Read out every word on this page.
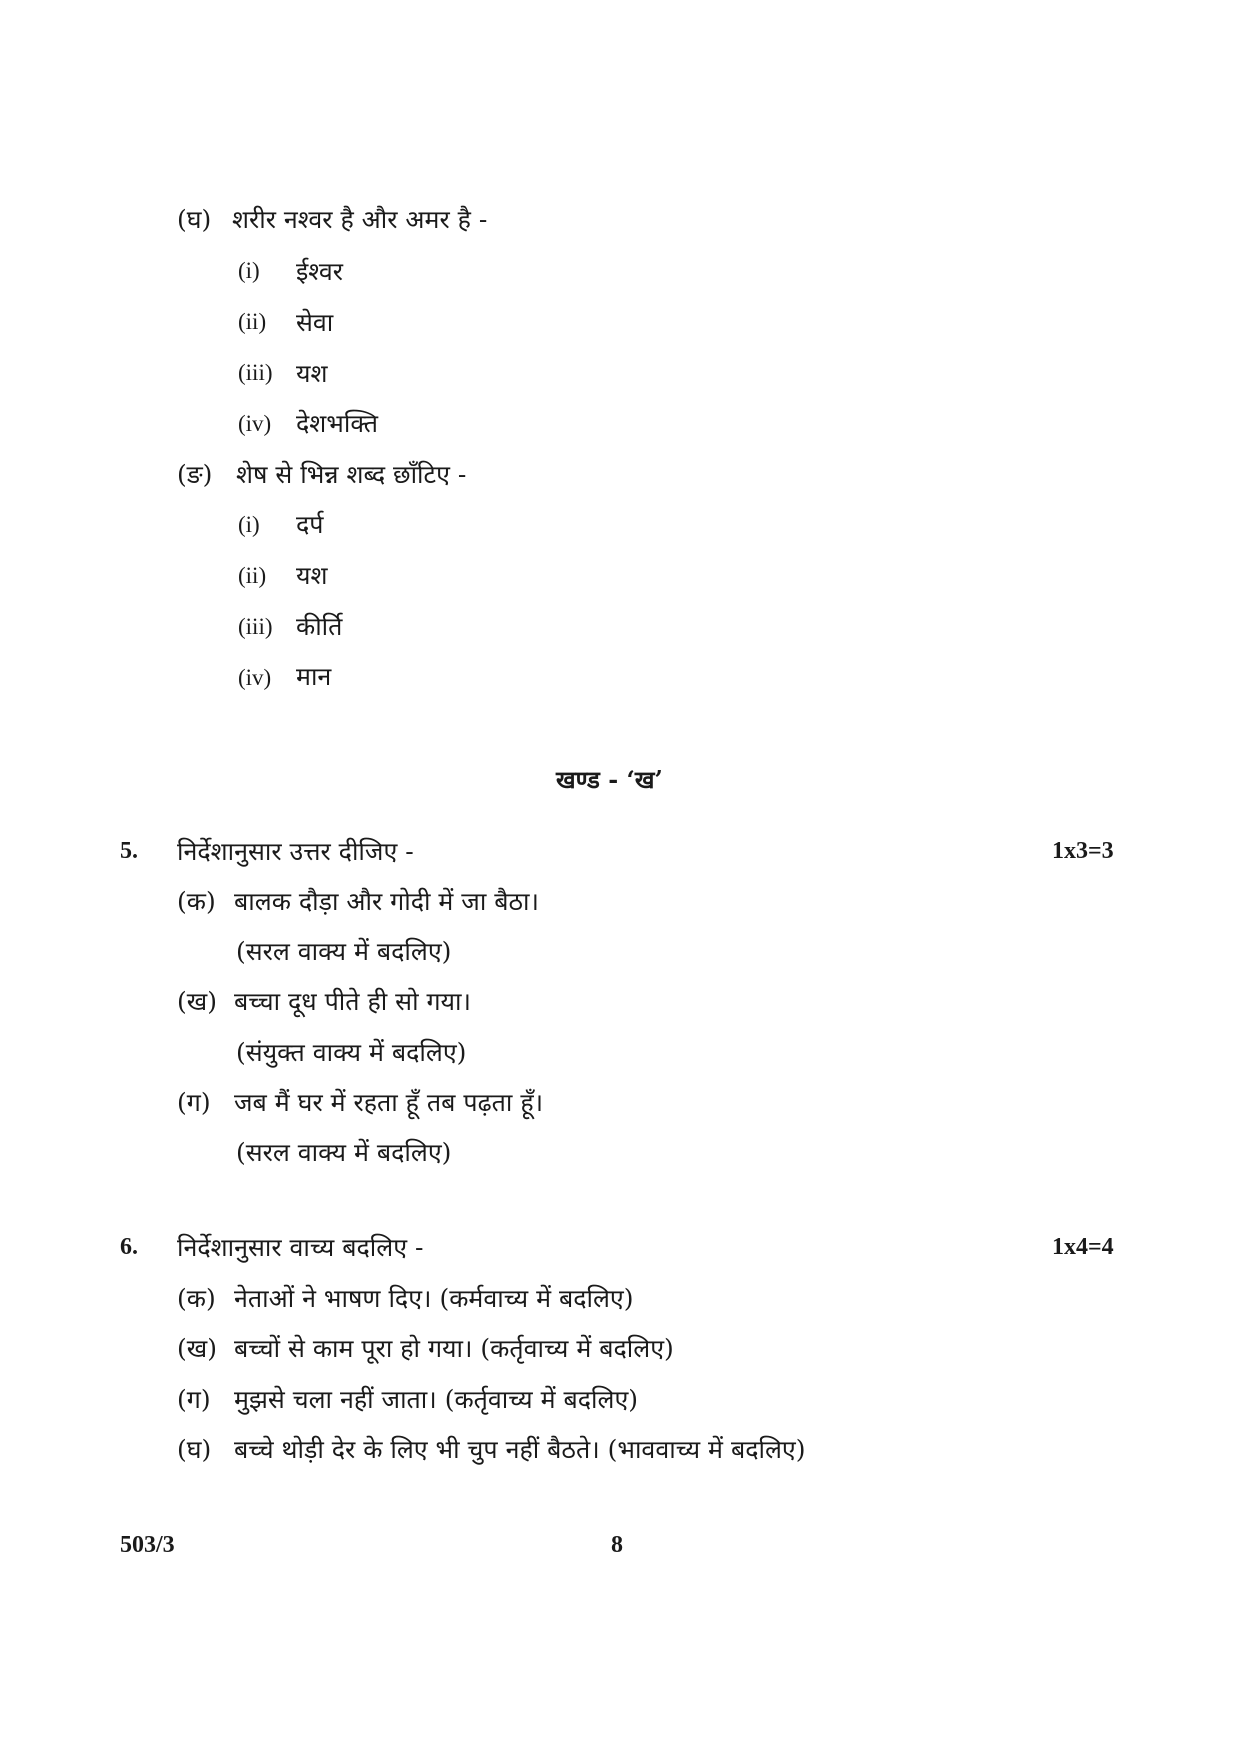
(घ) शरीर नश्वर है और अमर है -
(i) ईश्वर
(ii) सेवा
(iii) यश
(iv) देशभक्ति
(ङ) शेष से भिन्न शब्द छाँटिए -
(i) दर्प
(ii) यश
(iii) कीर्ति
(iv) मान
खण्ड - ‘ख’
5. निर्देशानुसार उत्तर दीजिए -	1x3=3
(क) बालक दौड़ा और गोदी में जा बैठा।
(सरल वाक्य में बदलिए)
(ख) बच्चा दूध पीते ही सो गया।
(संयुक्त वाक्य में बदलिए)
(ग) जब मैं घर में रहता हूँ तब पढ़ता हूँ।
(सरल वाक्य में बदलिए)
6. निर्देशानुसार वाच्य बदलिए -	1x4=4
(क) नेताओं ने भाषण दिए। (कर्मवाच्य में बदलिए)
(ख) बच्चों से काम पूरा हो गया। (कर्तृवाच्य में बदलिए)
(ग) मुझसे चला नहीं जाता। (कर्तृवाच्य में बदलिए)
(घ) बच्चे थोड़ी देर के लिए भी चुप नहीं बैठते। (भाववाच्य में बदलिए)
503/3	8
